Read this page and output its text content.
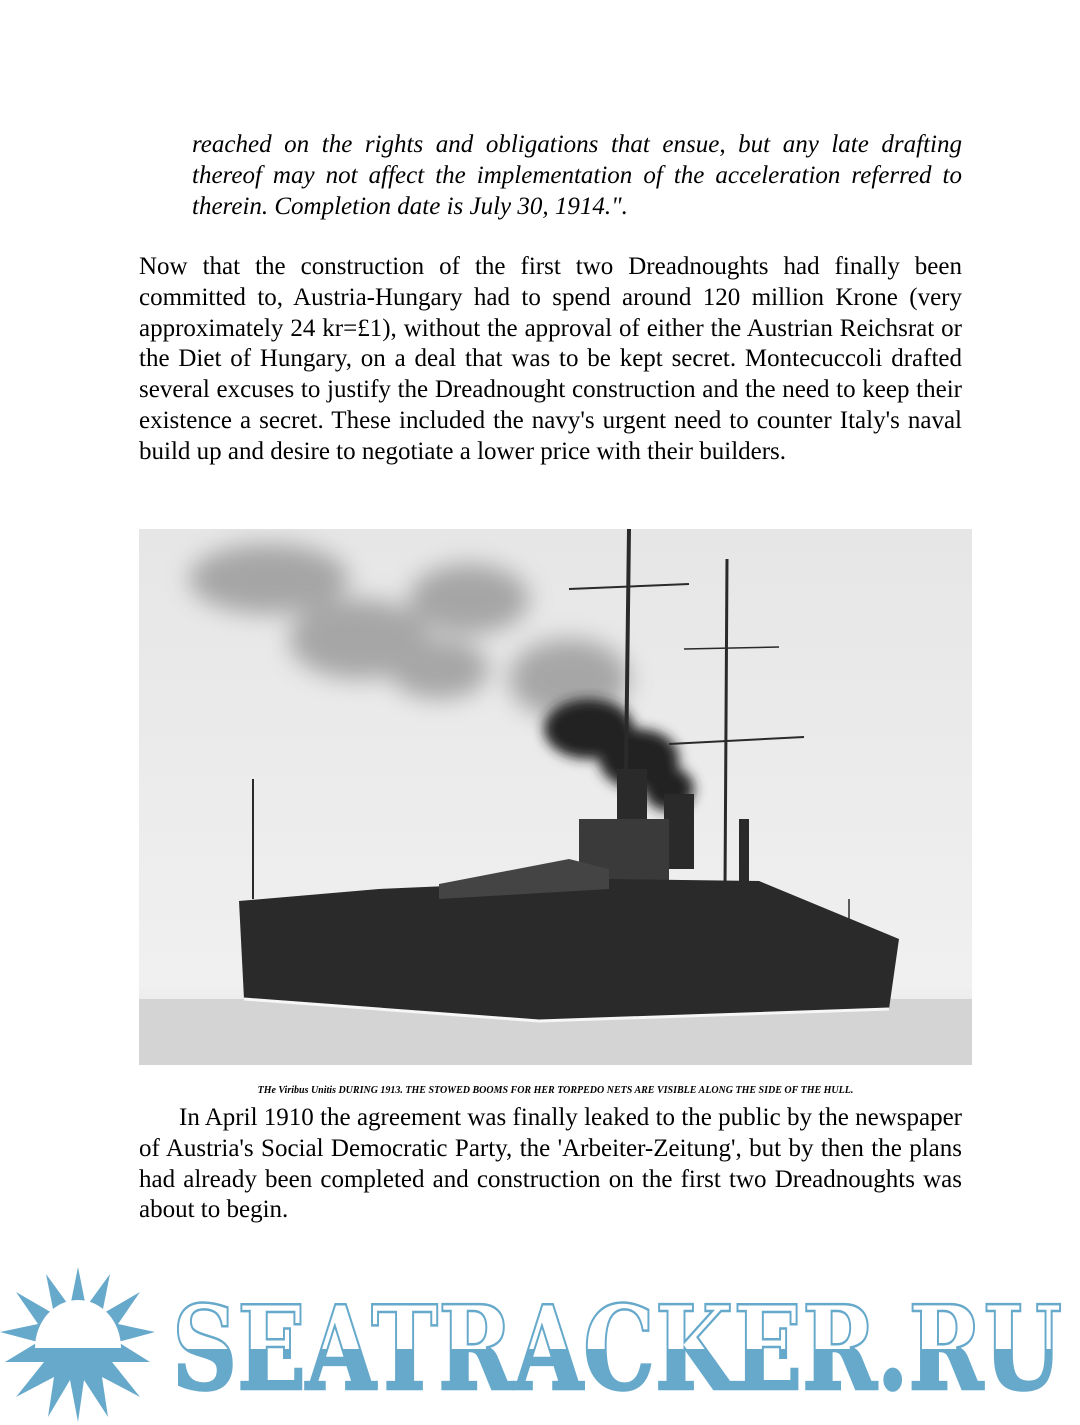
reached on the rights and obligations that ensue, but any late drafting thereof may not affect the implementation of the acceleration referred to therein. Completion date is July 30, 1914.".
Now that the construction of the first two Dreadnoughts had finally been committed to, Austria-Hungary had to spend around 120 million Krone (very approximately 24 kr=£1), without the approval of either the Austrian Reichsrat or the Diet of Hungary, on a deal that was to be kept secret. Montecuccoli drafted several excuses to justify the Dreadnought construction and the need to keep their existence a secret. These included the navy's urgent need to counter Italy's naval build up and desire to negotiate a lower price with their builders.
THe Viribus Unitis DURING 1913. THE STOWED BOOMS FOR HER TORPEDO NETS ARE VISIBLE ALONG THE SIDE OF THE HULL.
In April 1910 the agreement was finally leaked to the public by the newspaper of Austria's Social Democratic Party, the 'Arbeiter-Zeitung', but by then the plans had already been completed and construction on the first two Dreadnoughts was about to begin.
SEATRACKER.RU
